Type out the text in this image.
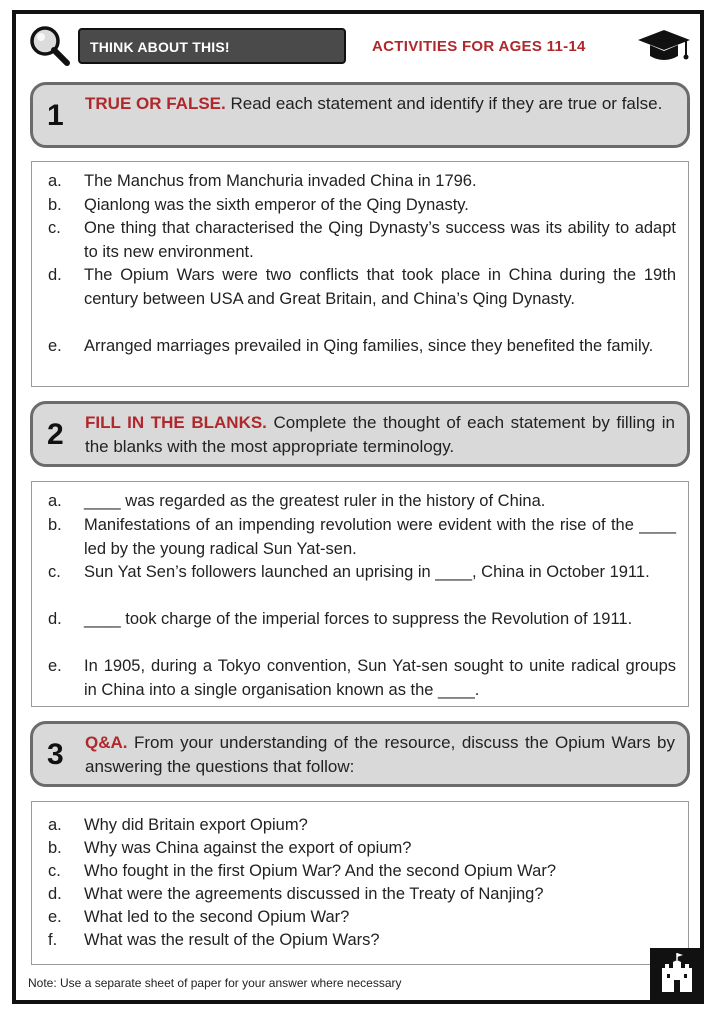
THINK ABOUT THIS!	ACTIVITIES FOR AGES 11-14
1 TRUE OR FALSE. Read each statement and identify if they are true or false.
a.	The Manchus from Manchuria invaded China in 1796.
b.	Qianlong was the sixth emperor of the Qing Dynasty.
c.	One thing that characterised the Qing Dynasty’s success was its ability to adapt to its new environment.
d.	The Opium Wars were two conflicts that took place in China during the 19th century between USA and Great Britain, and China’s Qing Dynasty.
e.	Arranged marriages prevailed in Qing families, since they benefited the family.
2 FILL IN THE BLANKS. Complete the thought of each statement by filling in the blanks with the most appropriate terminology.
a.	____ was regarded as the greatest ruler in the history of China.
b.	Manifestations of an impending revolution were evident with the rise of the ____ led by the young radical Sun Yat-sen.
c.	Sun Yat Sen’s followers launched an uprising in ____, China in October 1911.
d.	____ took charge of the imperial forces to suppress the Revolution of 1911.
e.	In 1905, during a Tokyo convention, Sun Yat-sen sought to unite radical groups in China into a single organisation known as the ____.
3 Q&A. From your understanding of the resource, discuss the Opium Wars by answering the questions that follow:
a.	Why did Britain export Opium?
b.	Why was China against the export of opium?
c.	Who fought in the first Opium War? And the second Opium War?
d.	What were the agreements discussed in the Treaty of Nanjing?
e.	What led to the second Opium War?
f.	What was the result of the Opium Wars?
Note: Use a separate sheet of paper for your answer where necessary
